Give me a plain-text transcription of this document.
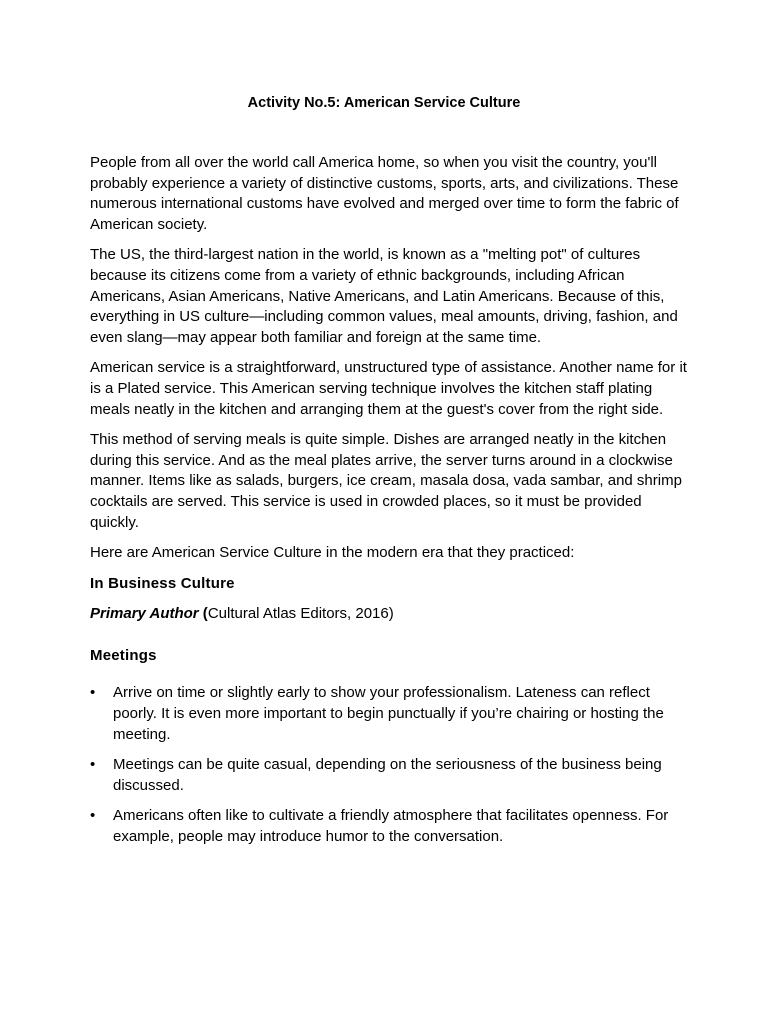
Activity No.5: American Service Culture

People from all over the world call America home, so when you visit the country, you'll probably experience a variety of distinctive customs, sports, arts, and civilizations. These numerous international customs have evolved and merged over time to form the fabric of American society.

The US, the third-largest nation in the world, is known as a "melting pot" of cultures because its citizens come from a variety of ethnic backgrounds, including African Americans, Asian Americans, Native Americans, and Latin Americans. Because of this, everything in US culture—including common values, meal amounts, driving, fashion, and even slang—may appear both familiar and foreign at the same time.

American service is a straightforward, unstructured type of assistance. Another name for it is a Plated service. This American serving technique involves the kitchen staff plating meals neatly in the kitchen and arranging them at the guest's cover from the right side.

This method of serving meals is quite simple. Dishes are arranged neatly in the kitchen during this service. And as the meal plates arrive, the server turns around in a clockwise manner. Items like as salads, burgers, ice cream, masala dosa, vada sambar, and shrimp cocktails are served. This service is used in crowded places, so it must be provided quickly.

Here are American Service Culture in the modern era that they practiced:

In Business Culture

Primary Author (Cultural Atlas Editors, 2016)

Meetings
• Arrive on time or slightly early to show your professionalism. Lateness can reflect poorly. It is even more important to begin punctually if you’re chairing or hosting the meeting.
• Meetings can be quite casual, depending on the seriousness of the business being discussed.
• Americans often like to cultivate a friendly atmosphere that facilitates openness. For example, people may introduce humor to the conversation.
